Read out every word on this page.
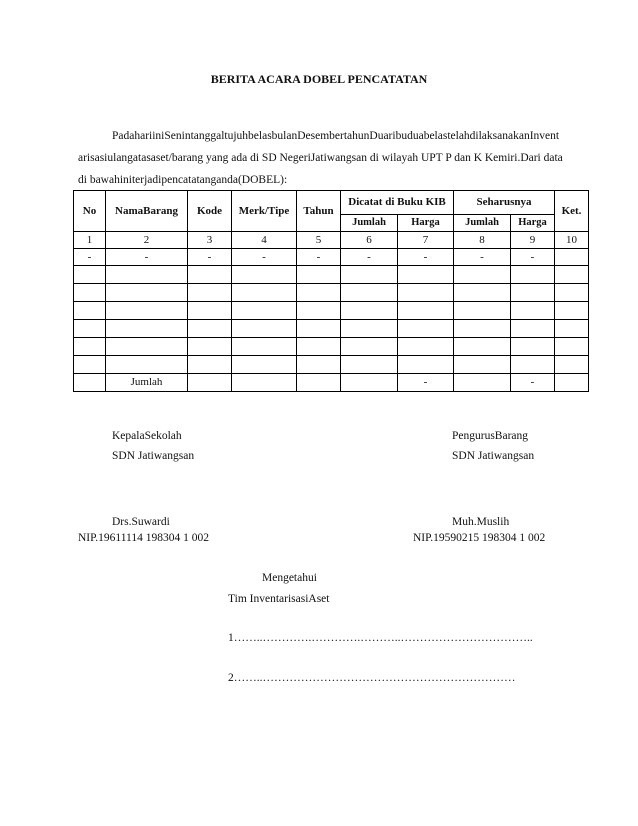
BERITA ACARA DOBEL PENCATATAN
PadahariiniSenintanggaltujuhbelasbulanDesembertahunDuaribuduabelastelahdilaksanakanInvent
arisasiulangatasaset/barang yang ada di SD NegeriJatiwangsan di wilayah UPT P dan K Kemiri.Dari data
di bawahiniterjadipencatatanganda(DOBEL):
No	NamaBarang	Kode	Merk/Tipe	Tahun	Dicatat di Buku KIB		Seharusnya		Ket.
					Jumlah	Harga	Jumlah	Harga	
1	2	3	4	5	6	7	8	9	10
-	-	-	-	-	-	-	-	-	

	Jumlah					-		-	
KepalaSekolah
SDN Jatiwangsan
PengurusBarang
SDN Jatiwangsan
Drs.Suwardi
NIP.19611114 198304 1 002
Muh.Muslih
NIP.19590215 198304 1 002
Mengetahui
Tim InventarisasiAset
1……..………….………….………..……………………………..
2……..…………………………………………………………
